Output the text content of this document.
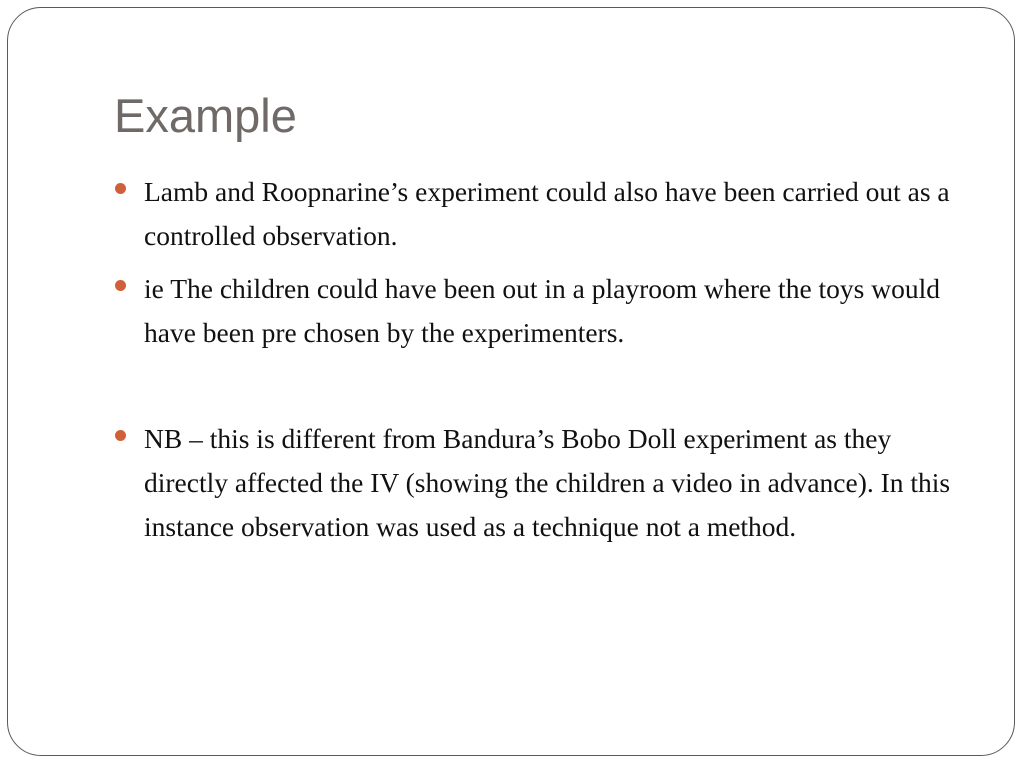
Example
Lamb and Roopnarine’s experiment could also have been carried out as a controlled observation.
ie The children could have been out in a playroom where the toys would have been pre chosen by the experimenters.
NB – this is different from Bandura’s Bobo Doll experiment as they directly affected the IV (showing the children a video in advance). In this instance observation was used as a technique not a method.
